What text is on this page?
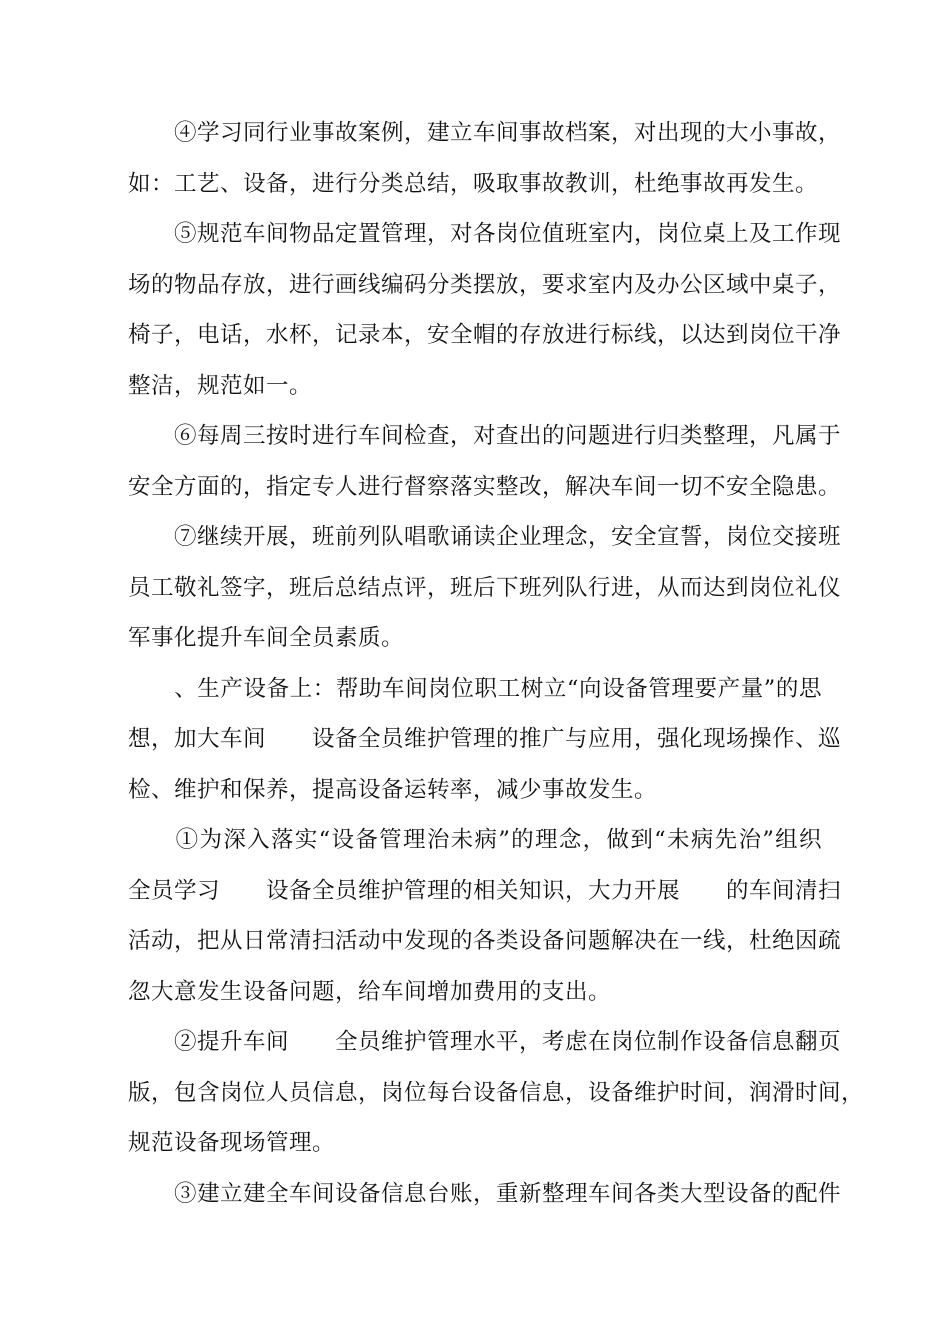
　　④学习同行业事故案例，建立车间事故档案，对出现的大小事故，
如：工艺、设备，进行分类总结，吸取事故教训，杜绝事故再发生。
　　⑤规范车间物品定置管理，对各岗位值班室内，岗位桌上及工作现
场的物品存放，进行画线编码分类摆放，要求室内及办公区域中桌子，
椅子，电话，水杯，记录本，安全帽的存放进行标线，以达到岗位干净
整洁，规范如一。
　　⑥每周三按时进行车间检查，对查出的问题进行归类整理，凡属于
安全方面的，指定专人进行督察落实整改，解决车间一切不安全隐患。
　　⑦继续开展，班前列队唱歌诵读企业理念，安全宣誓，岗位交接班
员工敬礼签字，班后总结点评，班后下班列队行进，从而达到岗位礼仪
军事化提升车间全员素质。
　　、生产设备上：帮助车间岗位职工树立“向设备管理要产量”的思
想，加大车间　　设备全员维护管理的推广与应用，强化现场操作、巡
检、维护和保养，提高设备运转率，减少事故发生。
　　①为深入落实“设备管理治未病”的理念，做到“未病先治”组织
全员学习　　设备全员维护管理的相关知识，大力开展　　的车间清扫
活动，把从日常清扫活动中发现的各类设备问题解决在一线，杜绝因疏
忽大意发生设备问题，给车间增加费用的支出。
　　②提升车间　　全员维护管理水平，考虑在岗位制作设备信息翻页
版，包含岗位人员信息，岗位每台设备信息，设备维护时间，润滑时间，
规范设备现场管理。
　　③建立建全车间设备信息台账，重新整理车间各类大型设备的配件
